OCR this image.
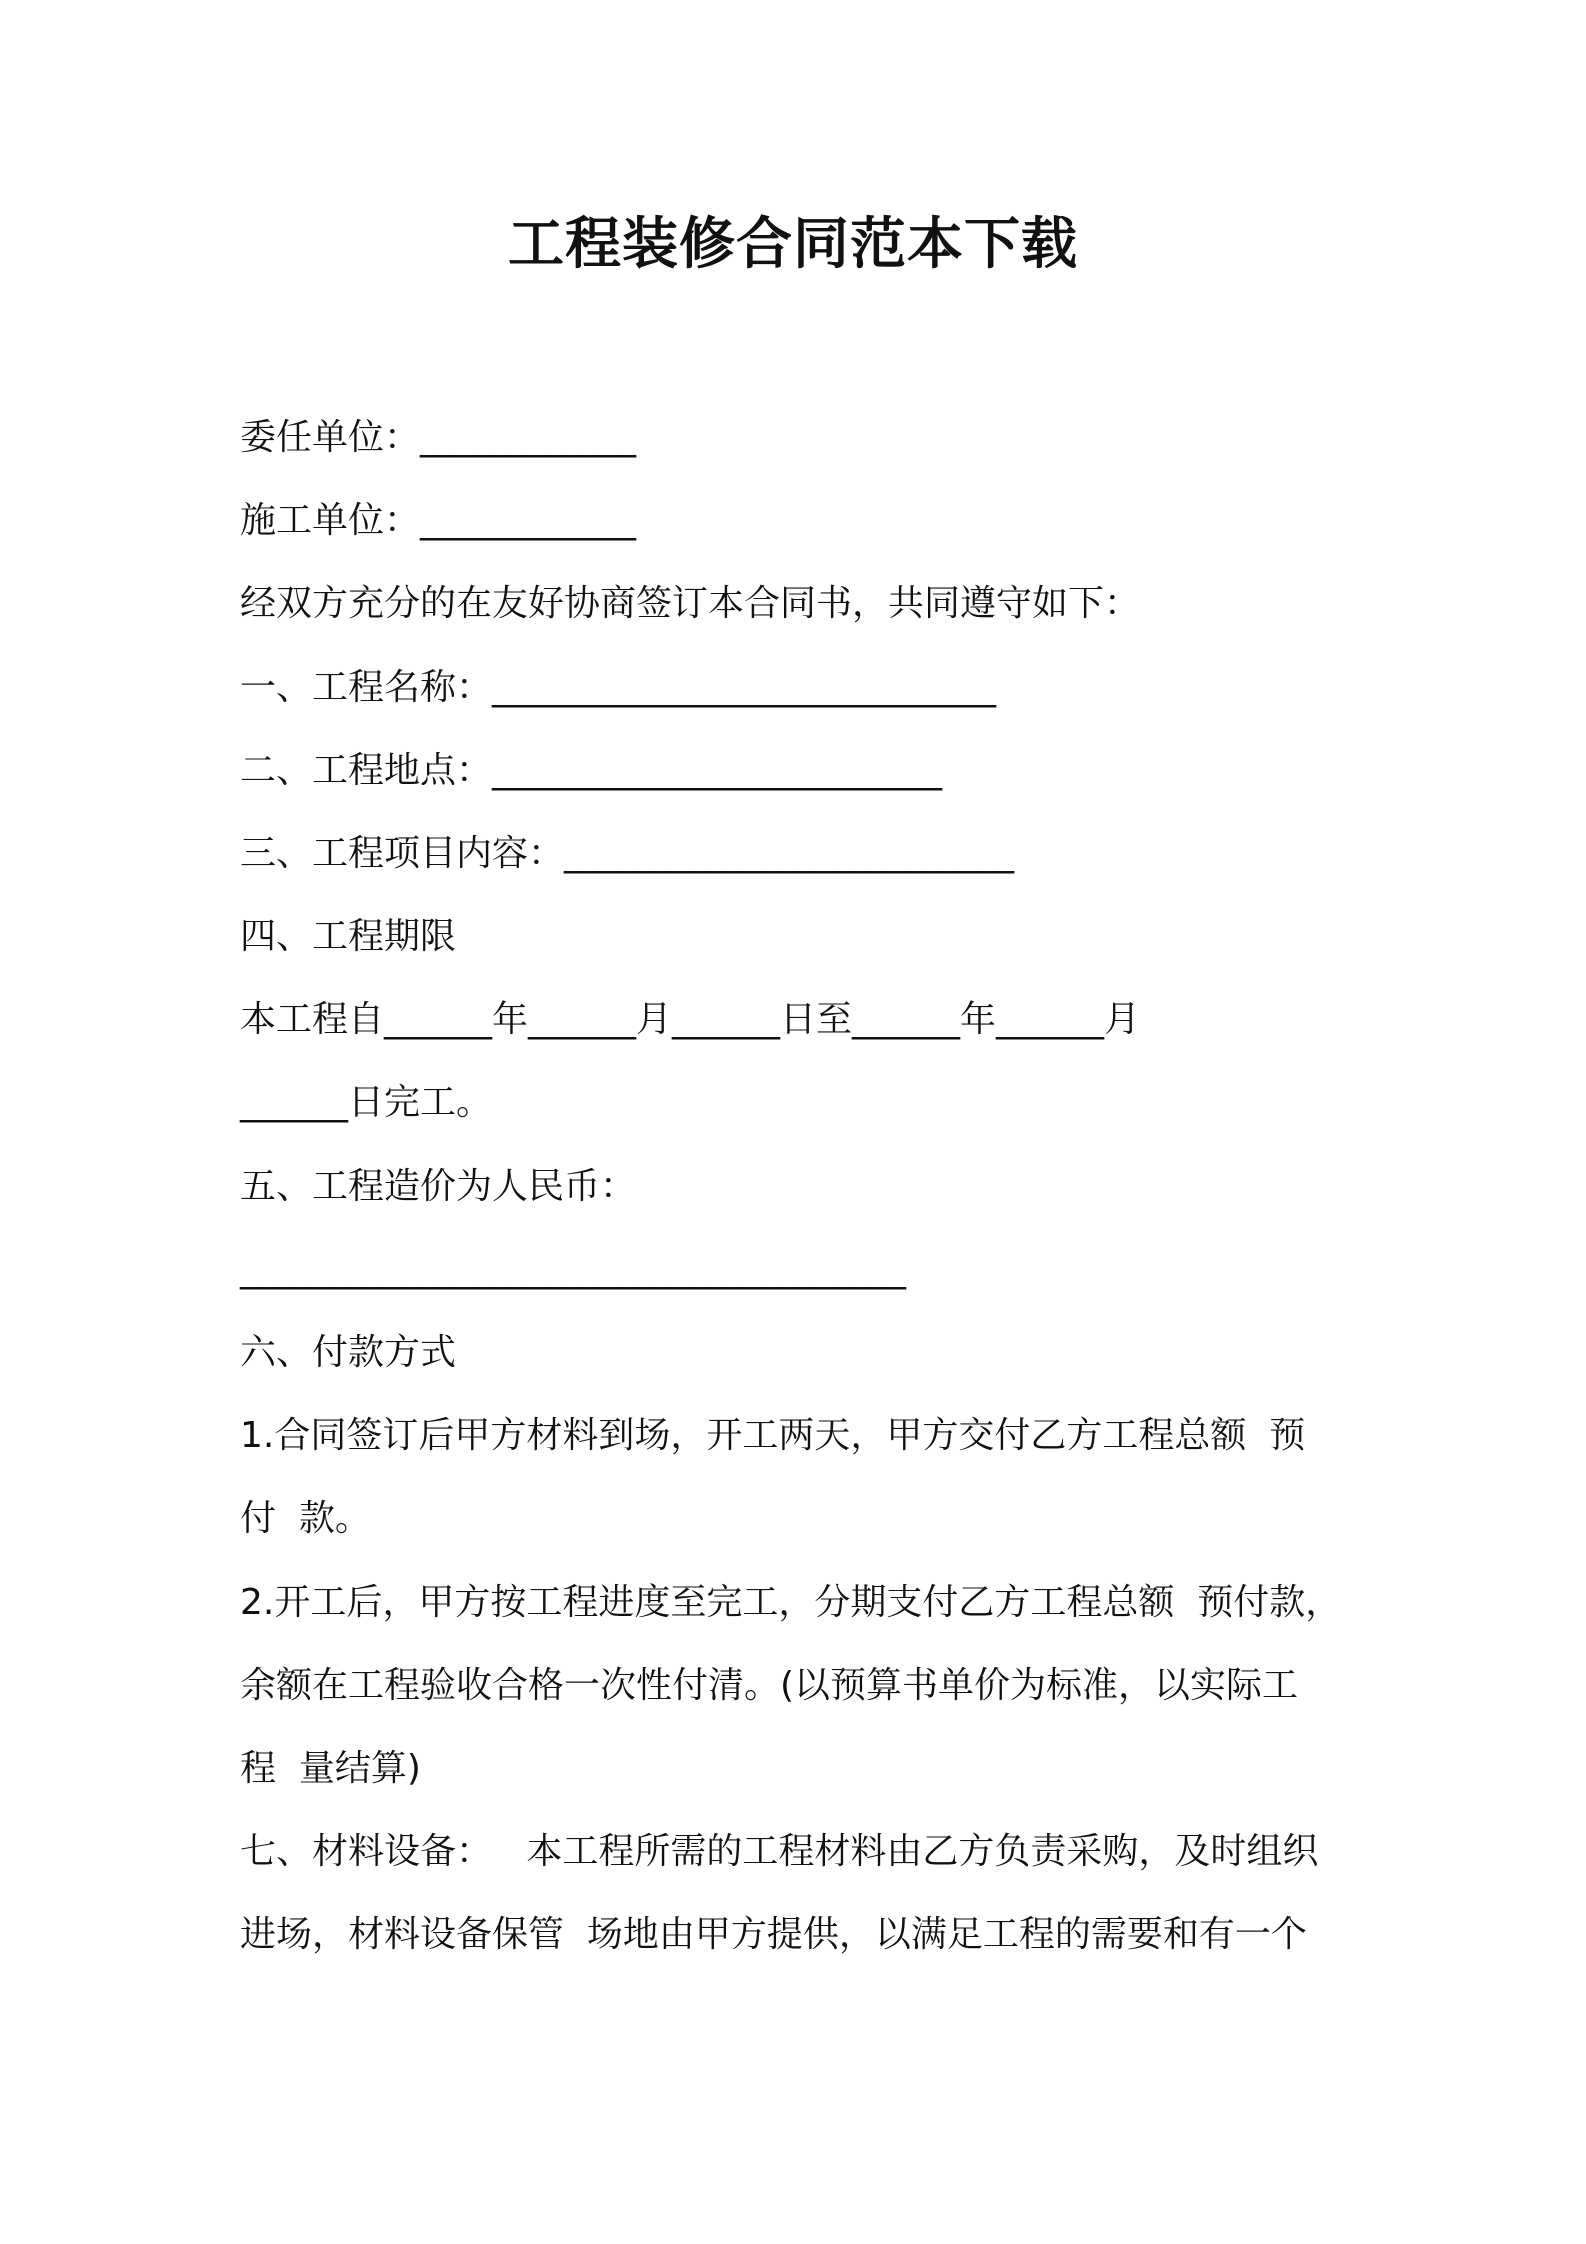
工程装修合同范本下载
委任单位：____________
施工单位：____________
经双方充分的在友好协商签订本合同书，共同遵守如下：
一、工程名称：____________________________
二、工程地点：_________________________
三、工程项目内容：_________________________
四、工程期限
本工程自______年______月______日至______年______月
______日完工。
五、工程造价为人民币：
_____________________________________
六、付款方式
1.合同签订后甲方材料到场，开工两天，甲方交付乙方工程总额  预
付  款。
2.开工后，甲方按工程进度至完工，分期支付乙方工程总额  预付款，
余额在工程验收合格一次性付清。(以预算书单价为标准，以实际工
程  量结算)
七、材料设备：   本工程所需的工程材料由乙方负责采购，及时组织
进场，材料设备保管  场地由甲方提供，以满足工程的需要和有一个
